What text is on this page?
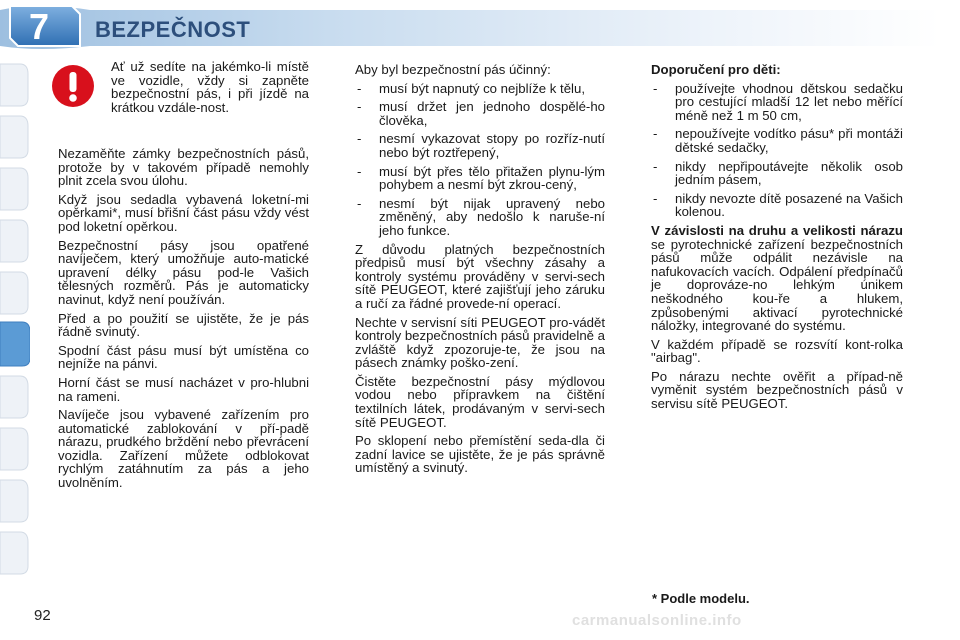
7	BEZPEČNOST
Ať už sedíte na jakémko-li místě ve vozidle, vždy si zapněte bezpečnostní pás, i při jízdě na krátkou vzdále-nost.

Nezaměňte zámky bezpečnostních pásů, protože by v takovém případě nemohly plnit zcela svou úlohu.

Když jsou sedadla vybavená loketní-mi opěrkami*, musí břišní část pásu vždy vést pod loketní opěrkou.

Bezpečnostní pásy jsou opatřené navíječem, který umožňuje auto-matické upravení délky pásu pod-le Vašich tělesných rozměrů. Pás je automaticky navinut, když není používán.

Před a po použití se ujistěte, že je pás řádně svinutý.

Spodní část pásu musí být umístěna co nejníže na pánvi.

Horní část se musí nacházet v pro-hlubni na rameni.

Navíječe jsou vybavené zařízením pro automatické zablokování v pří-padě nárazu, prudkého brždění nebo převrácení vozidla. Zařízení můžete odblokovat rychlým zatáhnutím za pás a jeho uvolněním.

Aby byl bezpečnostní pás účinný:

- musí být napnutý co nejblíže k tělu,
- musí držet jen jednoho dospělé-ho člověka,
- nesmí vykazovat stopy po rozříz-nutí nebo být roztřepený,
- musí být přes tělo přitažen plynu-lým pohybem a nesmí být zkrou-cený,
- nesmí být nijak upravený nebo změněný, aby nedošlo k naruše-ní jeho funkce.

Z důvodu platných bezpečnostních předpisů musí být všechny zásahy a kontroly systému prováděny v servi-sech sítě PEUGEOT, které zajišťují jeho záruku a ručí za řádné provede-ní operací.

Nechte v servisní síti PEUGEOT pro-vádět kontroly bezpečnostních pásů pravidelně a zvláště když zpozoruje-te, že jsou na pásech známky poško-zení.

Čistěte bezpečnostní pásy mýdlovou vodou nebo přípravkem na čištění textilních látek, prodávaným v servi-sech sítě PEUGEOT.

Po sklopení nebo přemístění seda-dla či zadní lavice se ujistěte, že je pás správně umístěný a svinutý.

Doporučení pro děti:

- používejte vhodnou dětskou sedačku pro cestující mladší 12 let nebo měřící méně než 1 m 50 cm,
- nepoužívejte vodítko pásu* při montáži dětské sedačky,
- nikdy nepřipoutávejte několik osob jedním pásem,
- nikdy nevozte dítě posazené na Vašich kolenou.

V závislosti na druhu a velikosti nárazu se pyrotechnické zařízení bezpečnostních pásů může odpálit nezávisle na nafukovacích vacích. Odpálení předpínačů je doprováze-no lehkým únikem neškodného kou-ře a hlukem, způsobenými aktivací pyrotechnické náložky, integrované do systému.

V každém případě se rozsvítí kont-rolka "airbag".

Po nárazu nechte ověřit a případ-ně vyměnit systém bezpečnostních pásů v servisu sítě PEUGEOT.

* Podle modelu.
92	carmanualsonline.info
